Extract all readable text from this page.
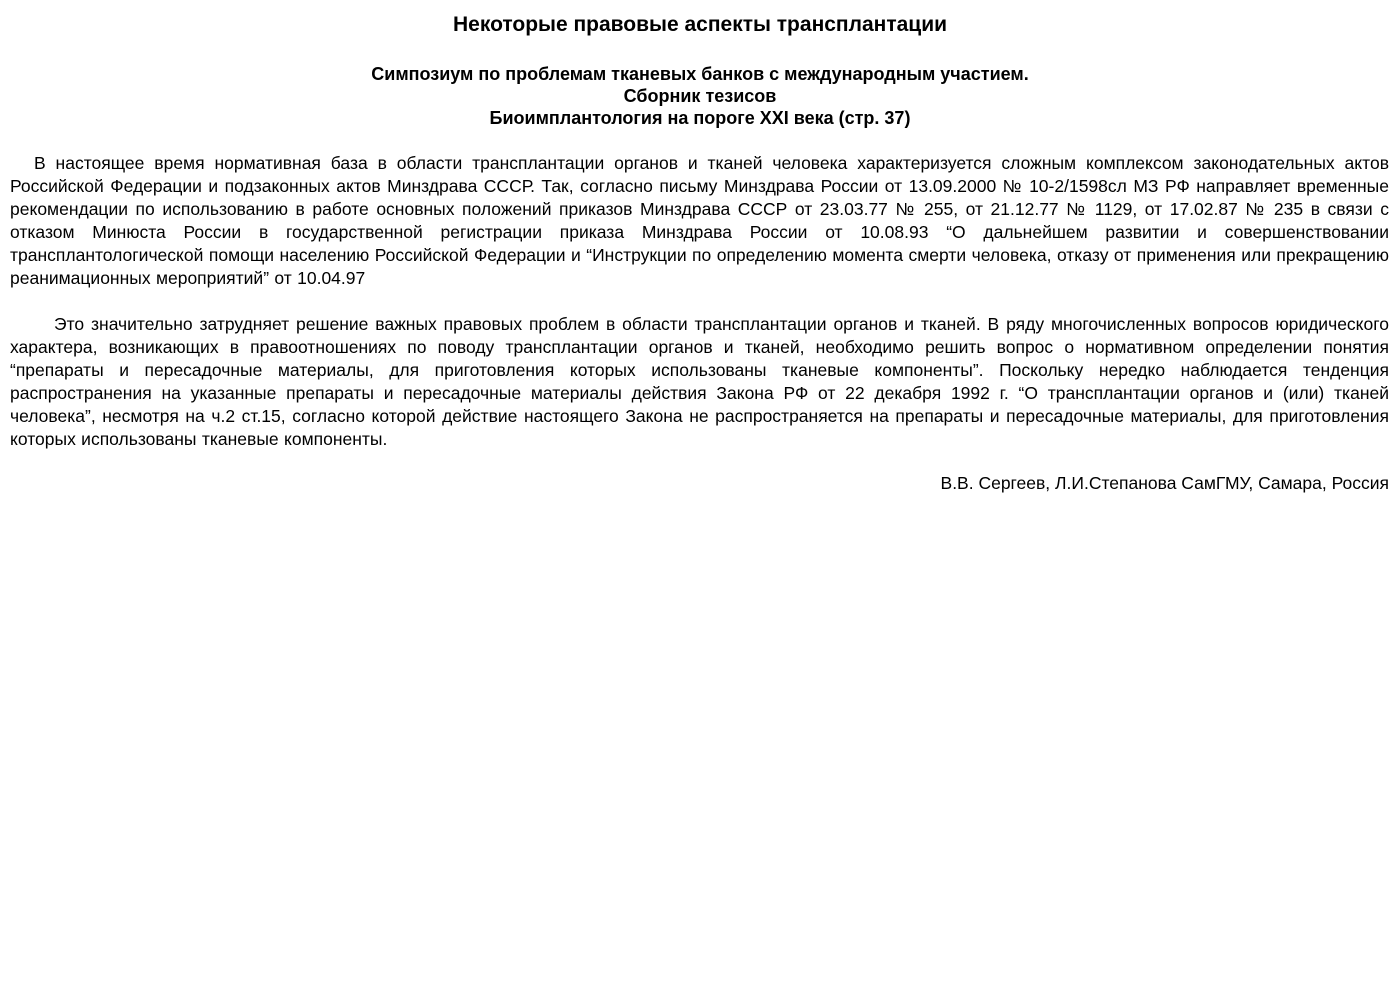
Некоторые правовые аспекты трансплантации
Симпозиум по проблемам тканевых банков с международным участием.
Сборник тезисов
Биоимплантология на пороге XXI века (стр. 37)

В настоящее время нормативная база в области трансплантации органов и тканей человека характеризуется сложным комплексом законодательных актов Российской Федерации и подзаконных актов Минздрава СССР. Так, согласно письму Минздрава России от 13.09.2000 № 10-2/1598сл МЗ РФ направляет временные рекомендации по использованию в работе основных положений приказов Минздрава СССР от 23.03.77 № 255, от 21.12.77 № 1129, от 17.02.87 № 235 в связи с отказом Минюста России в государственной регистрации приказа Минздрава России от 10.08.93 “О дальнейшем развитии и совершенствовании трансплантологической помощи населению Российской Федерации и “Инструкции по определению момента смерти человека, отказу от применения или прекращению реанимационных мероприятий” от 10.04.97

Это значительно затрудняет решение важных правовых проблем в области трансплантации органов и тканей. В ряду многочисленных вопросов юридического характера, возникающих в правоотношениях по поводу трансплантации органов и тканей, необходимо решить вопрос о нормативном определении понятия “препараты и пересадочные материалы, для приготовления которых использованы тканевые компоненты”. Поскольку нередко наблюдается тенденция распространения на указанные препараты и пересадочные материалы действия Закона РФ от 22 декабря 1992 г. “О трансплантации органов и (или) тканей человека”, несмотря на ч.2 ст.15, согласно которой действие настоящего Закона не распространяется на препараты и пересадочные материалы, для приготовления которых использованы тканевые компоненты.

В.В. Сергеев, Л.И.Степанова СамГМУ, Самара, Россия
